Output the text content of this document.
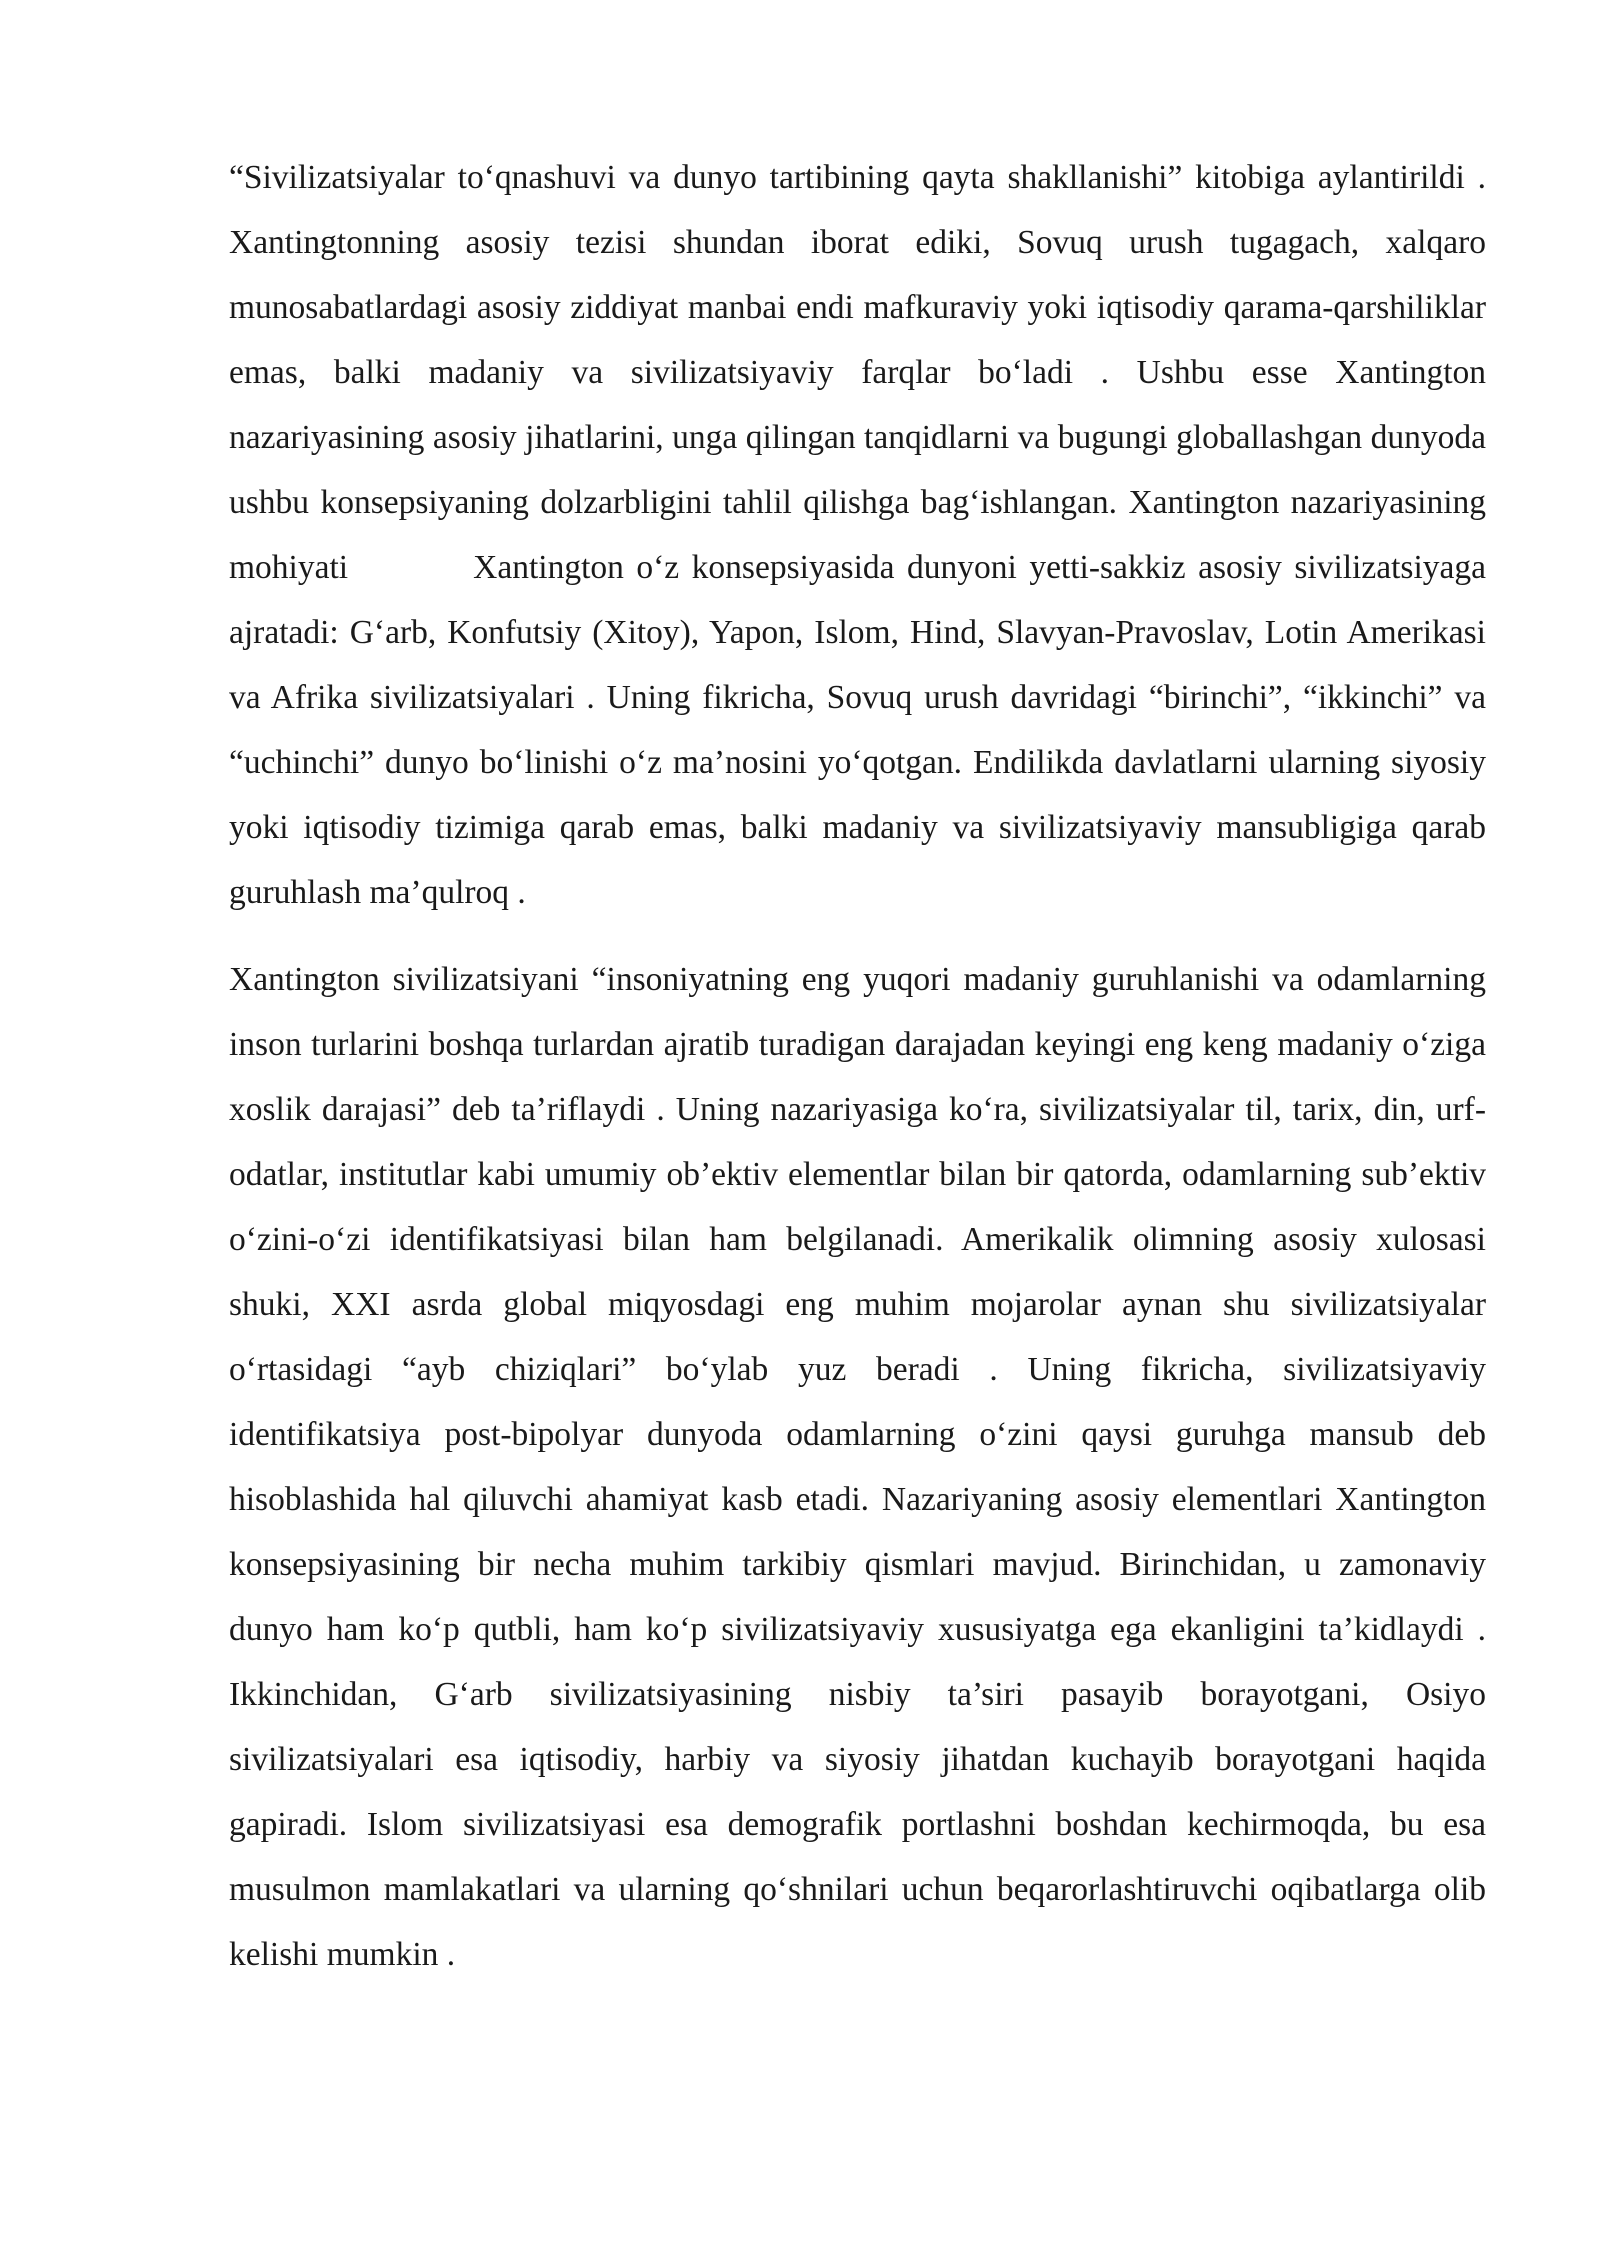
“Sivilizatsiyalar to‘qnashuvi va dunyo tartibining qayta shakllanishi” kitobiga aylantirildi . Xantingtonning asosiy tezisi shundan iborat ediki, Sovuq urush tugagach, xalqaro munosabatlardagi asosiy ziddiyat manbai endi mafkuraviy yoki iqtisodiy qarama-qarshiliklar emas, balki madaniy va sivilizatsiyaviy farqlar bo‘ladi . Ushbu esse Xantington nazariyasining asosiy jihatlarini, unga qilingan tanqidlarni va bugungi globallashgan dunyoda ushbu konsepsiyaning dolzarbligini tahlil qilishga bag‘ishlangan. Xantington nazariyasining mohiyati          Xantington o‘z konsepsiyasida dunyoni yetti-sakkiz asosiy sivilizatsiyaga ajratadi: G‘arb, Konfutsiy (Xitoy), Yapon, Islom, Hind, Slavyan-Pravoslav, Lotin Amerikasi va Afrika sivilizatsiyalari . Uning fikricha, Sovuq urush davridagi “birinchi”, “ikkinchi” va “uchinchi” dunyo bo‘linishi o‘z ma’nosini yo‘qotgan. Endilikda davlatlarni ularning siyosiy yoki iqtisodiy tizimiga qarab emas, balki madaniy va sivilizatsiyaviy mansubligiga qarab guruhlash ma’qulroq .

Xantington sivilizatsiyani “insoniyatning eng yuqori madaniy guruhlanishi va odamlarning inson turlarini boshqa turlardan ajratib turadigan darajadan keyingi eng keng madaniy o‘ziga xoslik darajasi” deb ta’riflaydi . Uning nazariyasiga ko‘ra, sivilizatsiyalar til, tarix, din, urf-odatlar, institutlar kabi umumiy ob’ektiv elementlar bilan bir qatorda, odamlarning sub’ektiv o‘zini-o‘zi identifikatsiyasi bilan ham belgilanadi. Amerikalik olimning asosiy xulosasi shuki, XXI asrda global miqyosdagi eng muhim mojarolar aynan shu sivilizatsiyalar o‘rtasidagi “ayb chiziqlari” bo‘ylab yuz beradi . Uning fikricha, sivilizatsiyaviy identifikatsiya post-bipolyar dunyoda odamlarning o‘zini qaysi guruhga mansub deb hisoblashida hal qiluvchi ahamiyat kasb etadi. Nazariyaning asosiy elementlari Xantington konsepsiyasining bir necha muhim tarkibiy qismlari mavjud. Birinchidan, u zamonaviy dunyo ham ko‘p qutbli, ham ko‘p sivilizatsiyaviy xususiyatga ega ekanligini ta’kidlaydi . Ikkinchidan, G‘arb sivilizatsiyasining nisbiy ta’siri pasayib borayotgani, Osiyo sivilizatsiyalari esa iqtisodiy, harbiy va siyosiy jihatdan kuchayib borayotgani haqida gapiradi. Islom sivilizatsiyasi esa demografik portlashni boshdan kechirmoqda, bu esa musulmon mamlakatlari va ularning qo‘shnilari uchun beqarorlashtiruvchi oqibatlarga olib kelishi mumkin .
